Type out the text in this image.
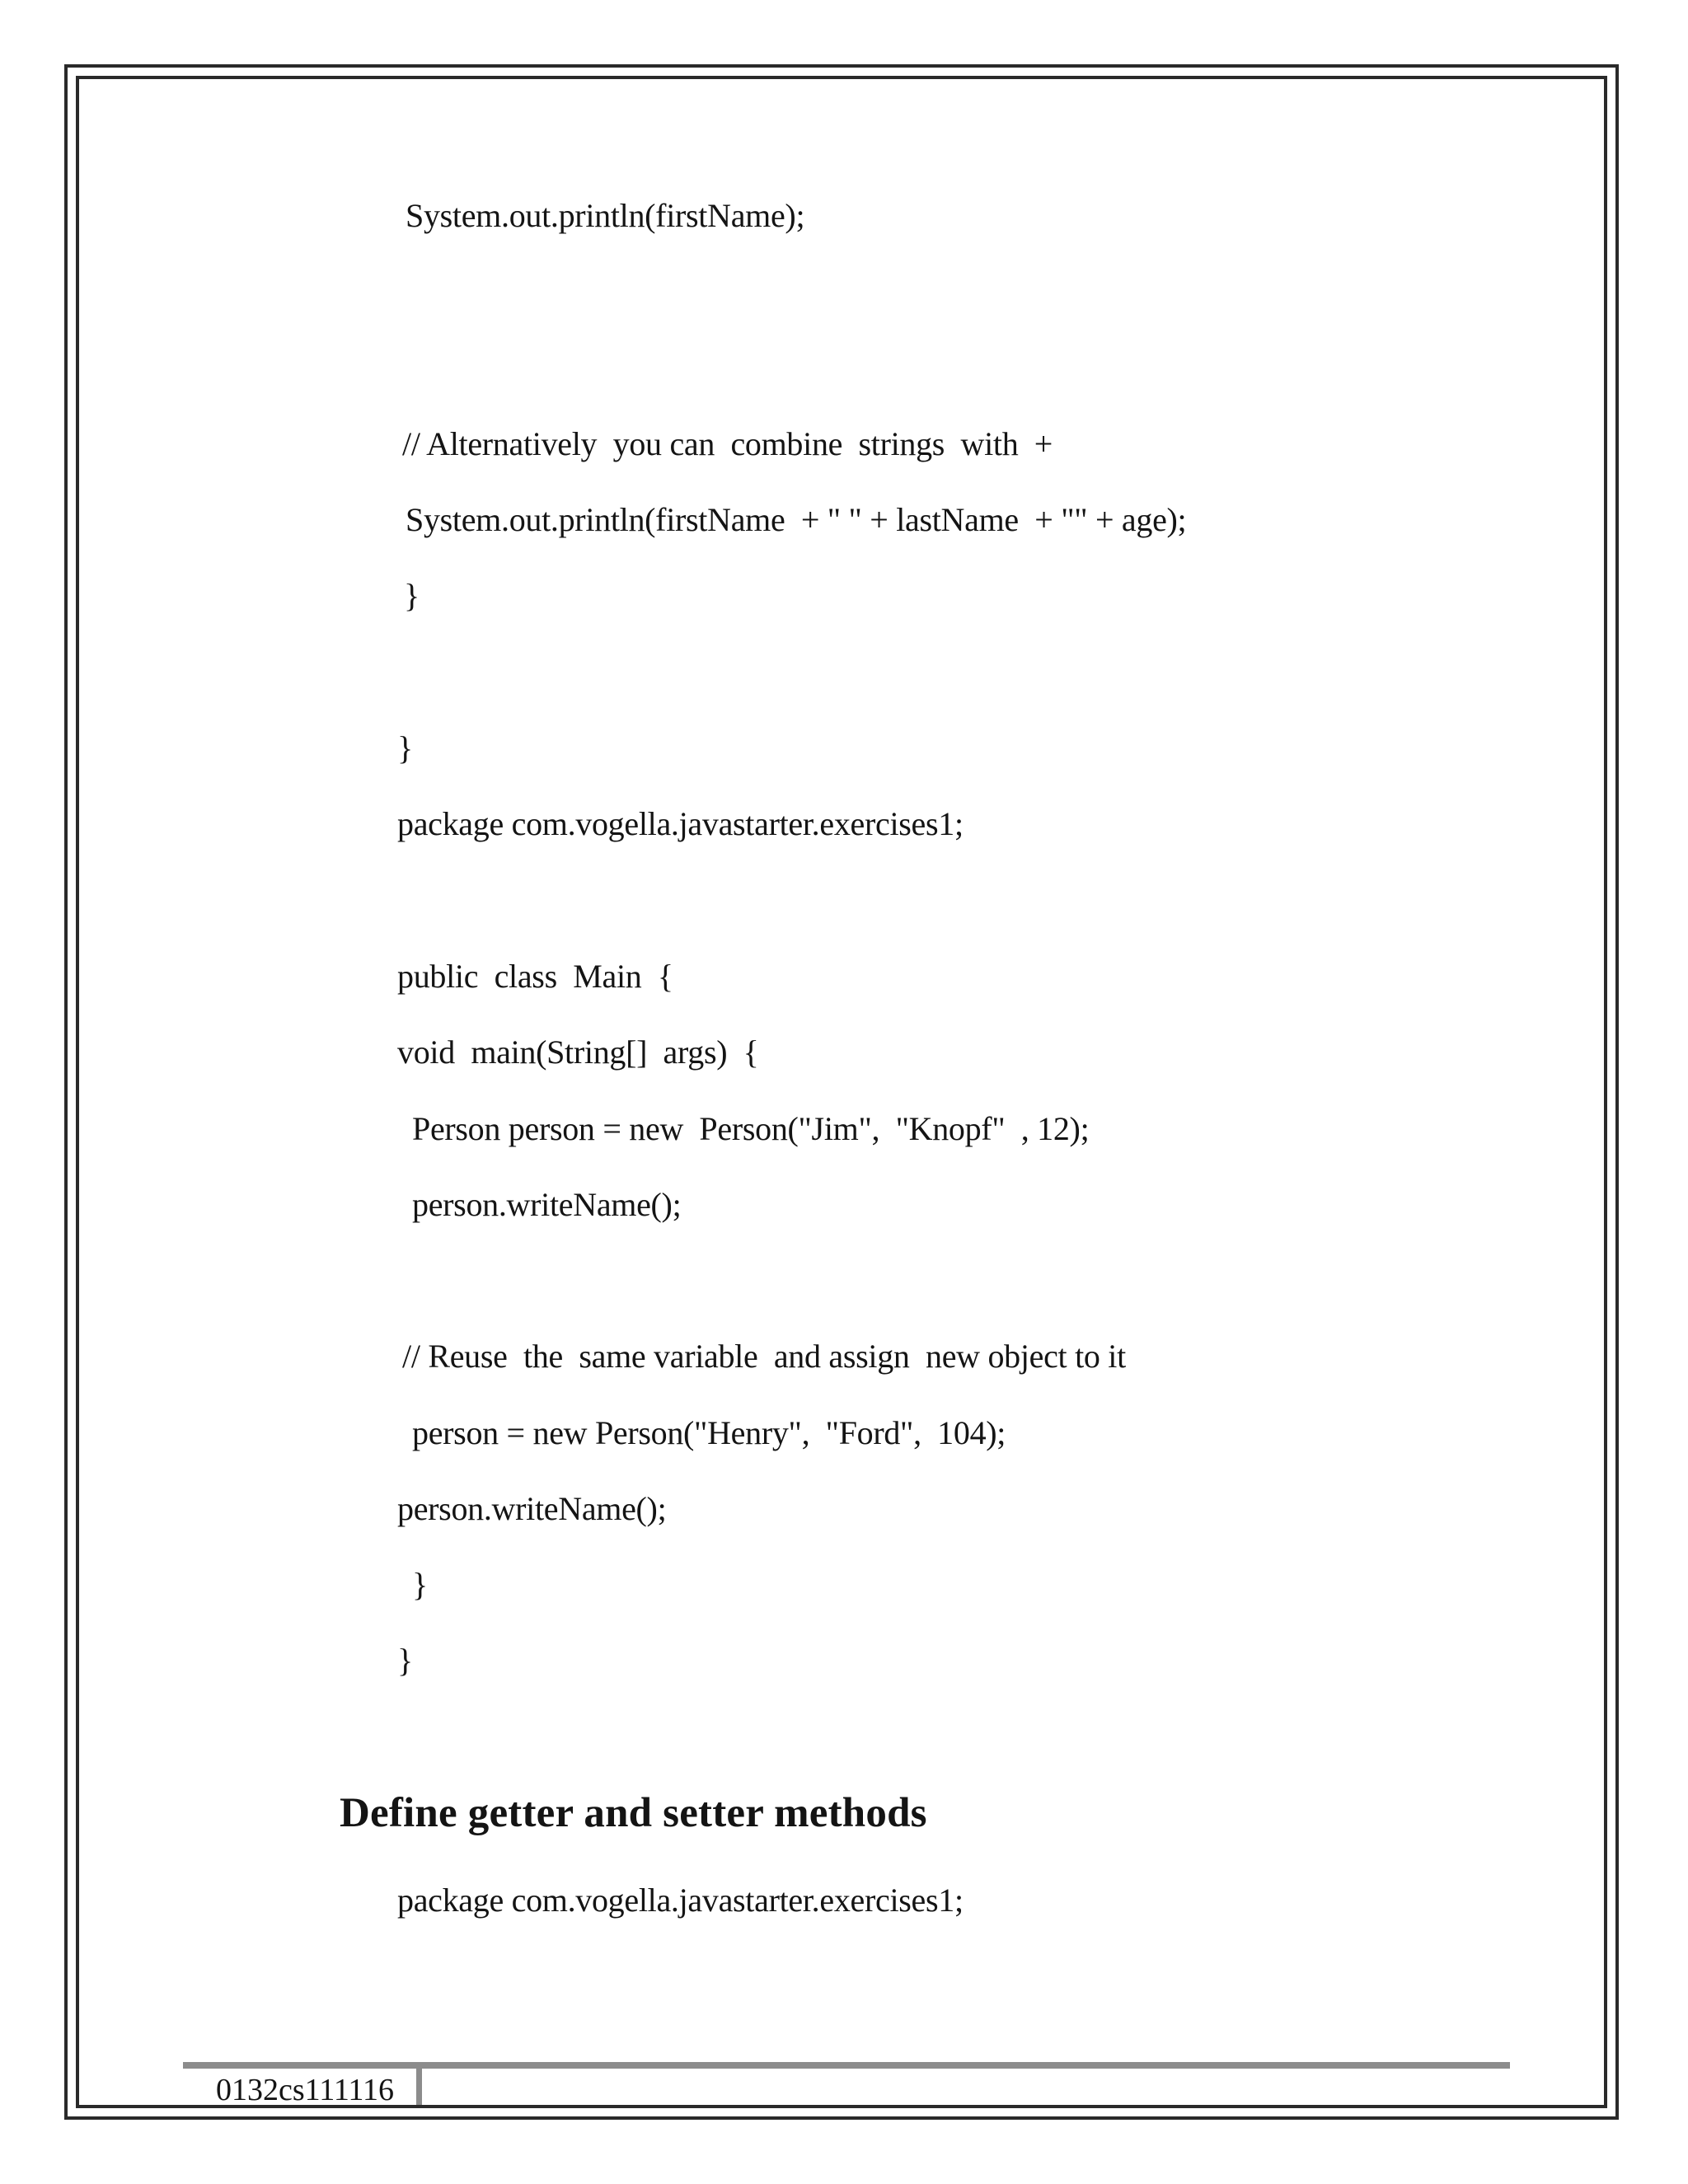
System.out.println(firstName);
// Alternatively  you can  combine  strings  with  +
System.out.println(firstName  + " " + lastName  + "" + age);
}
}
package com.vogella.javastarter.exercises1;
public  class  Main  {
void  main(String[]  args)  {
Person person = new  Person("Jim",  "Knopf"  , 12);
person.writeName();
// Reuse  the  same variable  and assign  new object to it
person = new Person("Henry",  "Ford",  104);
person.writeName();
}
}
Define getter and setter methods
package com.vogella.javastarter.exercises1;
0132cs111116
